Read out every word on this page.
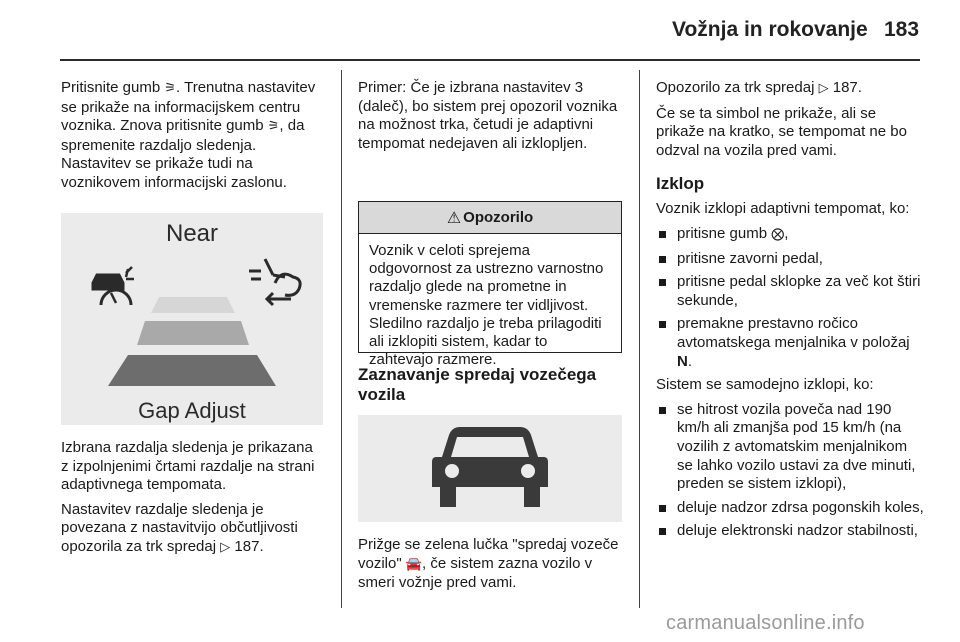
Vožnja in rokovanje 183

Pritisnite gumb ⚞. Trenutna nastavitev se prikaže na informacijskem centru voznika. Znova pritisnite gumb ⚞, da spremenite razdaljo sledenja. Nastavitev se prikaže tudi na voznikovem informacijski zaslonu.

Near
Gap Adjust

Izbrana razdalja sledenja je prikazana z izpolnjenimi črtami razdalje na strani adaptivnega tempomata.

Nastavitev razdalje sledenja je povezana z nastavitvijo občutljivosti opozorila za trk spredaj ▷ 187.

Primer: Če je izbrana nastavitev 3 (daleč), bo sistem prej opozoril voznika na možnost trka, četudi je adaptivni tempomat nedejaven ali izklopljen.

⚠ Opozorilo
Voznik v celoti sprejema odgovornost za ustrezno varnostno razdaljo glede na prometne in vremenske razmere ter vidljivost. Sledilno razdaljo je treba prilagoditi ali izklopiti sistem, kadar to zahtevajo razmere.

Zaznavanje spredaj vozečega vozila

Prižge se zelena lučka "spredaj vozeče vozilo" 🚘, če sistem zazna vozilo v smeri vožnje pred vami.

Opozorilo za trk spredaj ▷ 187.

Če se ta simbol ne prikaže, ali se prikaže na kratko, se tempomat ne bo odzval na vozila pred vami.

Izklop

Voznik izklopi adaptivni tempomat, ko:

pritisne gumb ⨂,
pritisne zavorni pedal,
pritisne pedal sklopke za več kot štiri sekunde,
premakne prestavno ročico avtomatskega menjalnika v položaj N.

Sistem se samodejno izklopi, ko:

se hitrost vozila poveča nad 190 km/h ali zmanjša pod 15 km/h (na vozilih z avtomatskim menjalnikom se lahko vozilo ustavi za dve minuti, preden se sistem izklopi),
deluje nadzor zdrsa pogonskih koles,
deluje elektronski nadzor stabilnosti,
carmanualsonline.info
